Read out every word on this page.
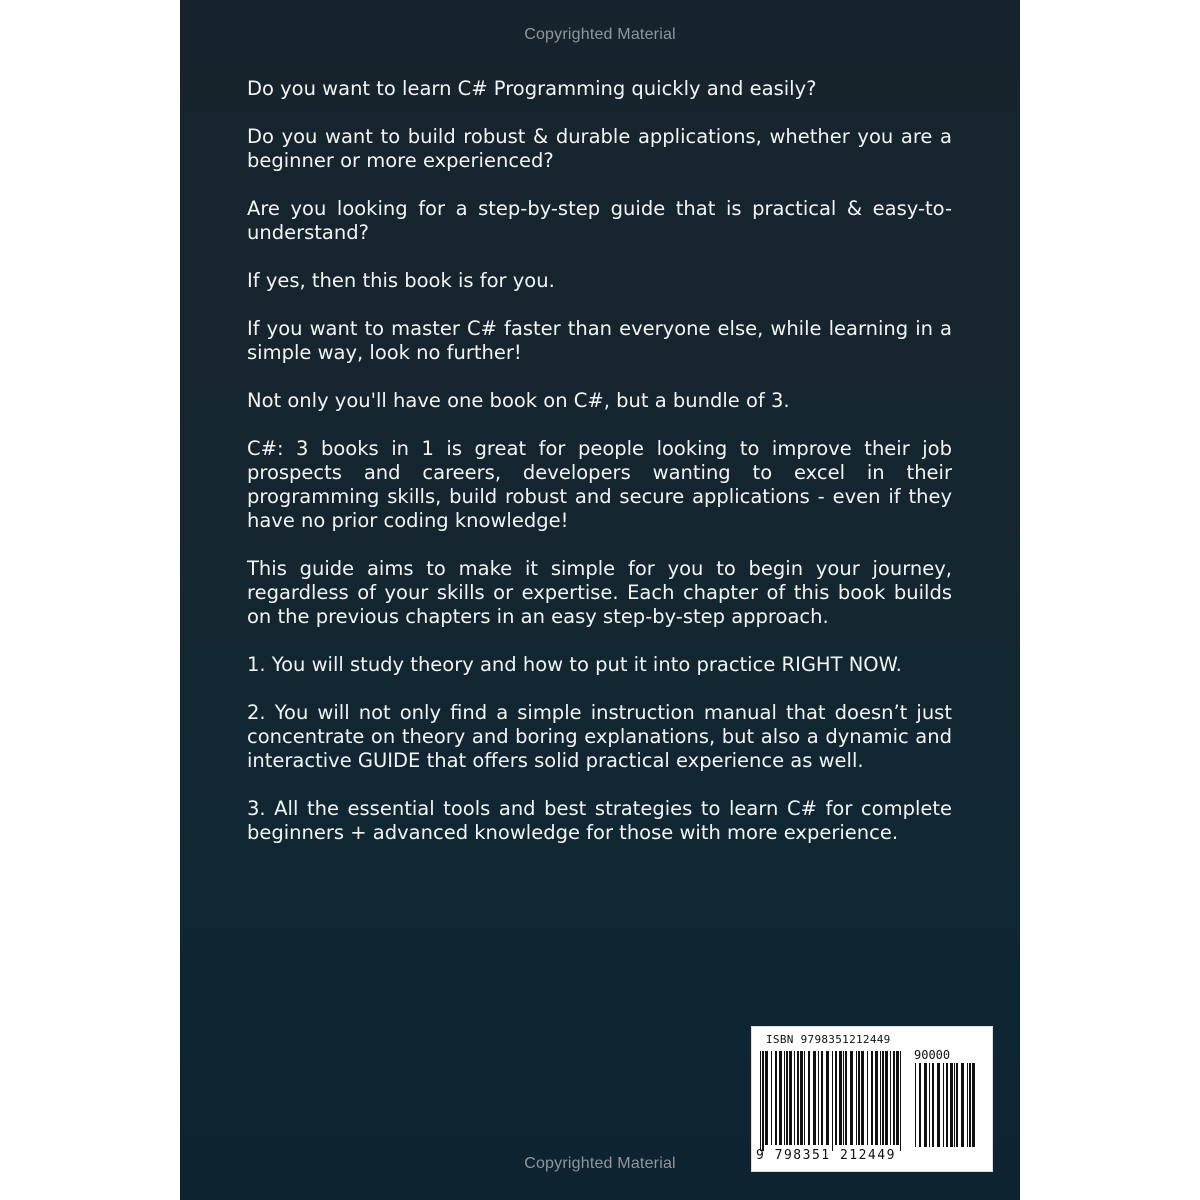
Copyrighted Material

Do you want to learn C# Programming quickly and easily?

Do you want to build robust & durable applications, whether you are a beginner or more experienced?

Are you looking for a step-by-step guide that is practical & easy-to-understand?

If yes, then this book is for you.

If you want to master C# faster than everyone else, while learning in a simple way, look no further!

Not only you'll have one book on C#, but a bundle of 3.

C#: 3 books in 1 is great for people looking to improve their job prospects and careers, developers wanting to excel in their programming skills, build robust and secure applications - even if they have no prior coding knowledge!

This guide aims to make it simple for you to begin your journey, regardless of your skills or expertise. Each chapter of this book builds on the previous chapters in an easy step-by-step approach.

1. You will study theory and how to put it into practice RIGHT NOW.

2. You will not only find a simple instruction manual that doesn’t just concentrate on theory and boring explanations, but also a dynamic and interactive GUIDE that offers solid practical experience as well.

3. All the essential tools and best strategies to learn C# for complete beginners + advanced knowledge for those with more experience.

ISBN 9798351212449
90000
9 798351 212449
Copyrighted Material
